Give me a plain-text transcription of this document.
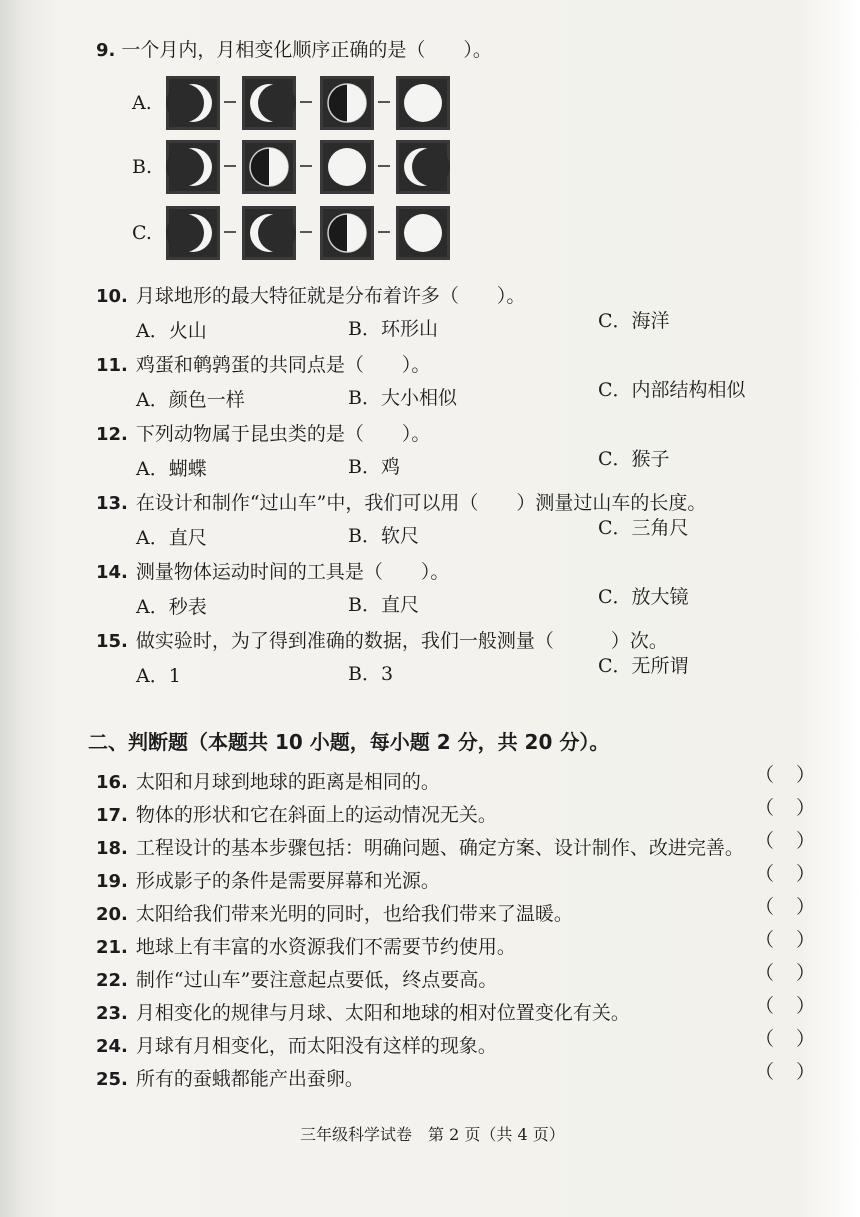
9. 一个月内，月相变化顺序正确的是（　　）。
A.
B.
C.
10. 月球地形的最大特征就是分布着许多（　　）。
A．火山	B．环形山	C．海洋
11. 鸡蛋和鹌鹑蛋的共同点是（　　）。
A．颜色一样	B．大小相似	C．内部结构相似
12. 下列动物属于昆虫类的是（　　）。
A．蝴蝶	B．鸡	C．猴子
13. 在设计和制作“过山车”中，我们可以用（　　）测量过山车的长度。
A．直尺	B．软尺	C．三角尺
14. 测量物体运动时间的工具是（　　）。
A．秒表	B．直尺	C．放大镜
15. 做实验时，为了得到准确的数据，我们一般测量（　　　）次。
A．1	B．3	C．无所谓
二、判断题（本题共 10 小题，每小题 2 分，共 20 分）。
16. 太阳和月球到地球的距离是相同的。	（ ）
17. 物体的形状和它在斜面上的运动情况无关。	（ ）
18. 工程设计的基本步骤包括：明确问题、确定方案、设计制作、改进完善。 （ ）
19. 形成影子的条件是需要屏幕和光源。	（ ）
20. 太阳给我们带来光明的同时，也给我们带来了温暖。	（ ）
21. 地球上有丰富的水资源我们不需要节约使用。	（ ）
22. 制作“过山车”要注意起点要低，终点要高。	（ ）
23. 月相变化的规律与月球、太阳和地球的相对位置变化有关。	（ ）
24. 月球有月相变化，而太阳没有这样的现象。	（ ）
25. 所有的蚕蛾都能产出蚕卵。	（ ）
三年级科学试卷　第 2 页（共 4 页）
